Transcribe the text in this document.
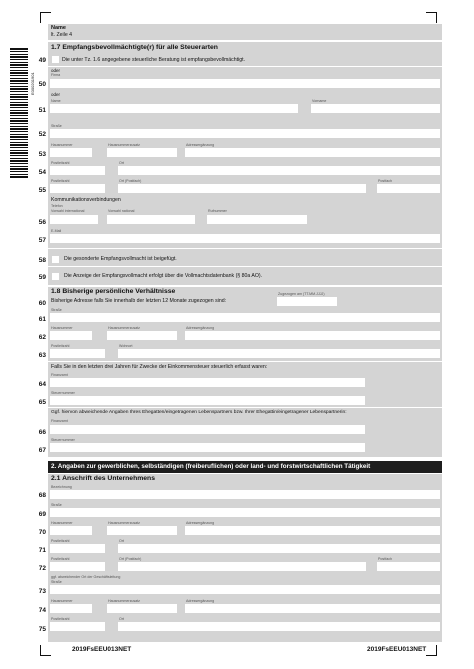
E000201901
Name
lt. Zeile 4
1.7 Empfangsbevollmächtigte(r) für alle Steuerarten
49	Die unter Tz. 1.6 angegebene steuerliche Beratung ist empfangsbevollmächtigt.
oder
Firma
50
oder
Name	Vorname
51
Straße
52
Hausnummer	Hausnummerzusatz	Adressergänzung
53
Postleitzahl	Ort
54
Postleitzahl	Ort (Postfach)	Postfach
55
Kommunikationsverbindungen
Telefon
Vorwahl international	Vorwahl national	Rufnummer
56
E-Mail
57
58	Die gesonderte Empfangsvollmacht ist beigefügt.
59	Die Anzeige der Empfangsvollmacht erfolgt über die Vollmachtsdatenbank (§ 80a AO).
1.8 Bisherige persönliche Verhältnisse	Zugezogen am (TT.MM.JJJJ)
60 Bisherige Adresse falls Sie innerhalb der letzten 12 Monate zugezogen sind:
Straße
61
Hausnummer	Hausnummerzusatz	Adressergänzung
62
Postleitzahl	Wohnort
63
Falls Sie in den letzten drei Jahren für Zwecke der Einkommensteuer steuerlich erfasst waren:
Finanzamt
64
Steuernummer
65
Ggf. hiervon abweichende Angaben Ihres Ehegatten/eingetragenen Lebenspartners bzw. Ihrer Ehegattin/eingetragener Lebenspartnerin:
Finanzamt
66
Steuernummer
67
2. Angaben zur gewerblichen, selbständigen (freiberuflichen) oder land- und forstwirtschaftlichen Tätigkeit
2.1 Anschrift des Unternehmens
Bezeichnung
68
Straße
69
Hausnummer	Hausnummerzusatz	Adressergänzung
70
Postleitzahl	Ort
71
Postleitzahl	Ort (Postfach)	Postfach
72
ggf. abweichender Ort der Geschäftsleitung
Straße
73
Hausnummer	Hausnummerzusatz	Adressergänzung
74
Postleitzahl	Ort
75
2019FsEEU013NET	2019FsEEU013NET
